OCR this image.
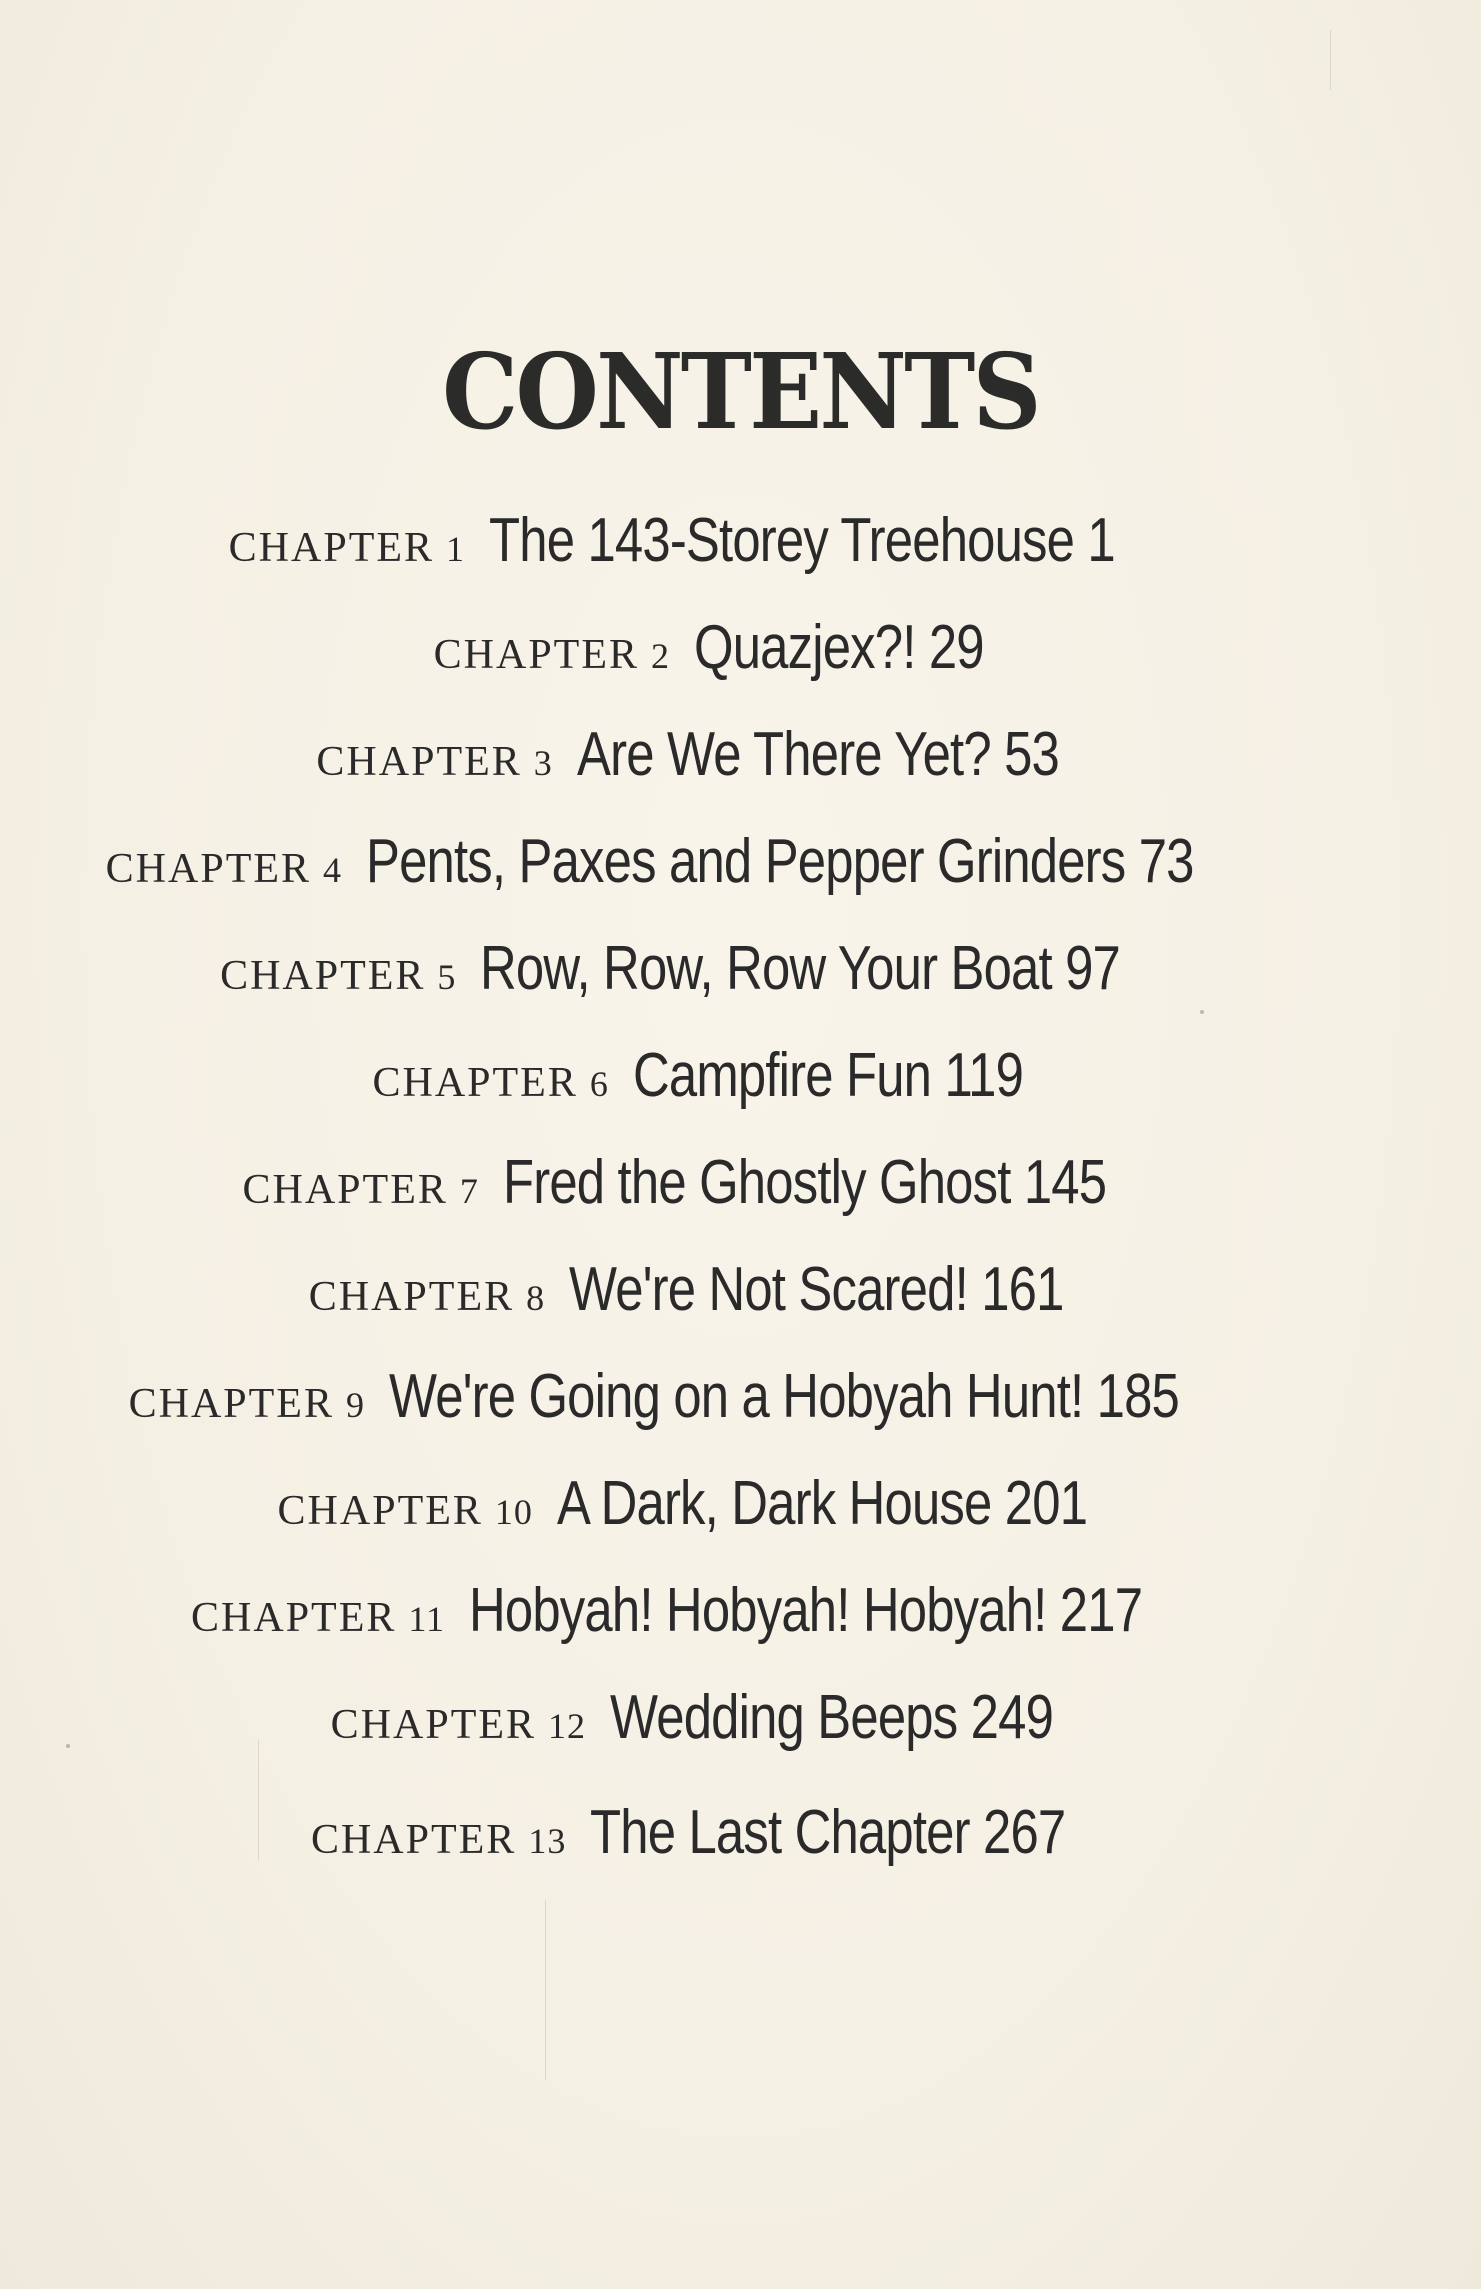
CONTENTS
CHAPTER 1 The 143-Storey Treehouse 1
CHAPTER 2 Quazjex?! 29
CHAPTER 3 Are We There Yet? 53
CHAPTER 4 Pents, Paxes and Pepper Grinders 73
CHAPTER 5 Row, Row, Row Your Boat 97
CHAPTER 6 Campfire Fun 119
CHAPTER 7 Fred the Ghostly Ghost 145
CHAPTER 8 We're Not Scared! 161
CHAPTER 9 We're Going on a Hobyah Hunt! 185
CHAPTER 10 A Dark, Dark House 201
CHAPTER 11 Hobyah! Hobyah! Hobyah! 217
CHAPTER 12 Wedding Beeps 249
CHAPTER 13 The Last Chapter 267
